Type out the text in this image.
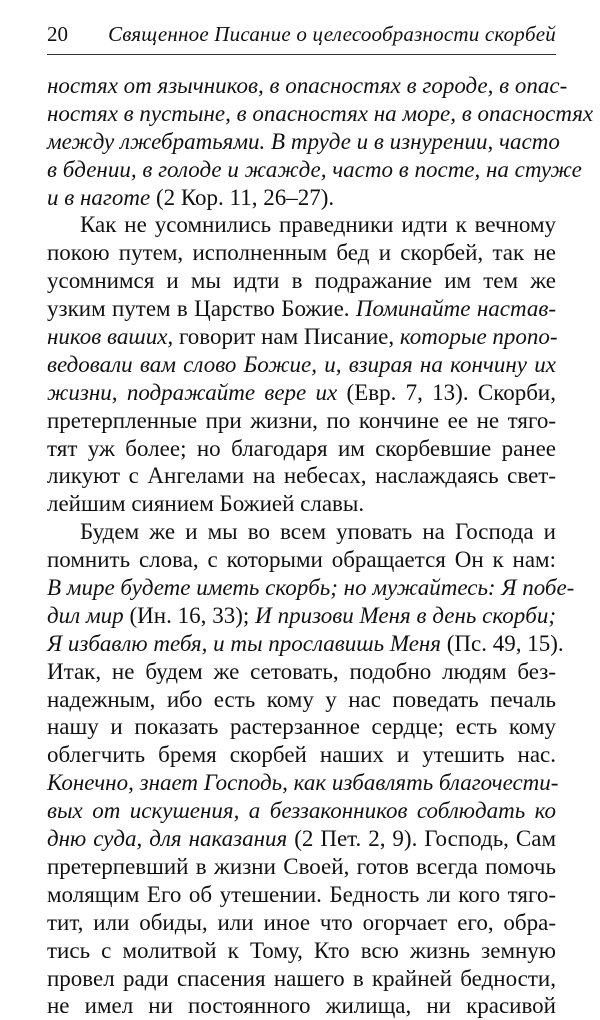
20 Священное Писание о целесообразности скорбей
ностях от язычников, в опасностях в городе, в опас-
ностях в пустыне, в опасностях на море, в опасностях
между лжебратьями. В труде и в изнурении, часто
в бдении, в голоде и жажде, часто в посте, на стуже
и в наготе (2 Кор. 11, 26–27).
Как не усомнились праведники идти к вечному
покою путем, исполненным бед и скорбей, так не
усомнимся и мы идти в подражание им тем же
узким путем в Царство Божие. Поминайте настав-
ников ваших, говорит нам Писание, которые пропо-
ведовали вам слово Божие, и, взирая на кончину их
жизни, подражайте вере их (Евр. 7, 13). Скорби,
претерпленные при жизни, по кончине ее не тяго-
тят уж более; но благодаря им скорбевшие ранее
ликуют с Ангелами на небесах, наслаждаясь свет-
лейшим сиянием Божией славы.
Будем же и мы во всем уповать на Господа и
помнить слова, с которыми обращается Он к нам:
В мире будете иметь скорбь; но мужайтесь: Я побе-
дил мир (Ин. 16, 33); И призови Меня в день скорби;
Я избавлю тебя, и ты прославишь Меня (Пс. 49, 15).
Итак, не будем же сетовать, подобно людям без-
надежным, ибо есть кому у нас поведать печаль
нашу и показать растерзанное сердце; есть кому
облегчить бремя скорбей наших и утешить нас.
Конечно, знает Господь, как избавлять благочести-
вых от искушения, а беззаконников соблюдать ко
дню суда, для наказания (2 Пет. 2, 9). Господь, Сам
претерпевший в жизни Своей, готов всегда помочь
молящим Его об утешении. Бедность ли кого тяго-
тит, или обиды, или иное что огорчает его, обра-
тись с молитвой к Тому, Кто всю жизнь земную
провел ради спасения нашего в крайней бедности,
не имел ни постоянного жилища, ни красивой
